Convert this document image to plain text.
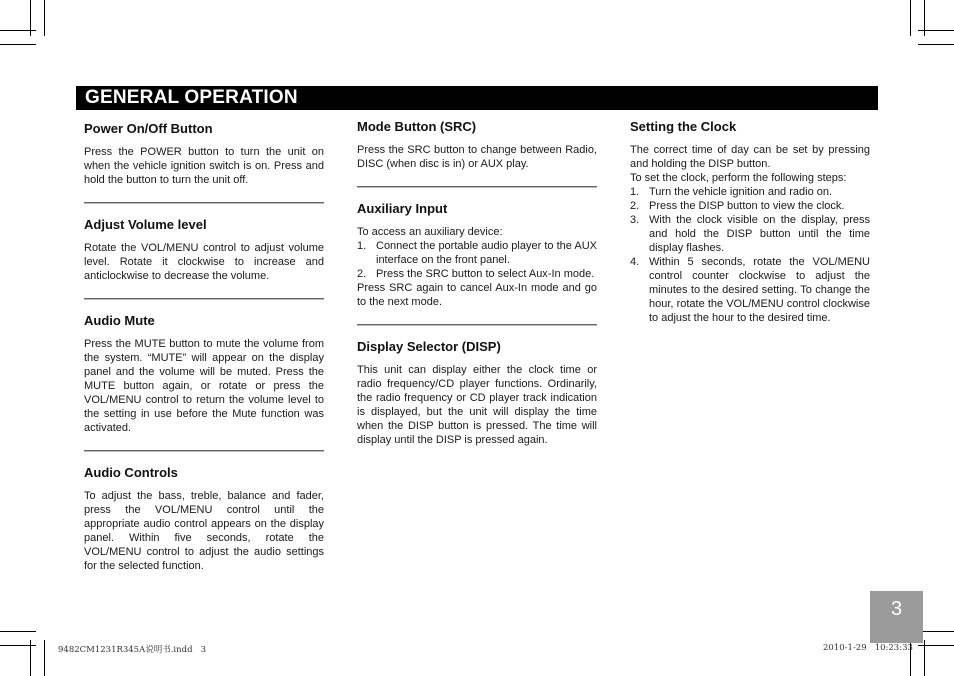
GENERAL OPERATION
Power On/Off Button

Press the POWER button to turn the unit on when the vehicle ignition switch is on. Press and hold the button to turn the unit off.

Adjust Volume level

Rotate the VOL/MENU control to adjust volume level. Rotate it clockwise to increase and anticlockwise to decrease the volume.

Audio Mute

Press the MUTE button to mute the volume from the system. “MUTE” will appear on the display panel and the volume will be muted. Press the MUTE button again, or rotate or press the VOL/MENU control to return the volume level to the setting in use before the Mute function was activated.

Audio Controls

To adjust the bass, treble, balance and fader, press the VOL/MENU control until the appropriate audio control appears on the display panel. Within five seconds, rotate the VOL/MENU control to adjust the audio settings for the selected function.

Mode Button (SRC)

Press the SRC button to change between Radio, DISC (when disc is in) or AUX play.

Auxiliary Input

To access an auxiliary device:

1. Connect the portable audio player to the AUX interface on the front panel.
2. Press the SRC button to select Aux-In mode.

Press SRC again to cancel Aux-In mode and go to the next mode.

Display Selector (DISP)

This unit can display either the clock time or radio frequency/CD player functions. Ordinarily, the radio frequency or CD player track indication is displayed, but the unit will display the time when the DISP button is pressed. The time will display until the DISP is pressed again.

Setting the Clock

The correct time of day can be set by pressing and holding the DISP button.

To set the clock, perform the following steps:

1. Turn the vehicle ignition and radio on.
2. Press the DISP button to view the clock.
3. With the clock visible on the display, press and hold the DISP button until the time display flashes.
4. Within 5 seconds, rotate the VOL/MENU control counter clockwise to adjust the minutes to the desired setting. To change the hour, rotate the VOL/MENU control clockwise to adjust the hour to the desired time.
3
9482CM1231R345A说明书.indd   3	2010-1-29   10:23:33
